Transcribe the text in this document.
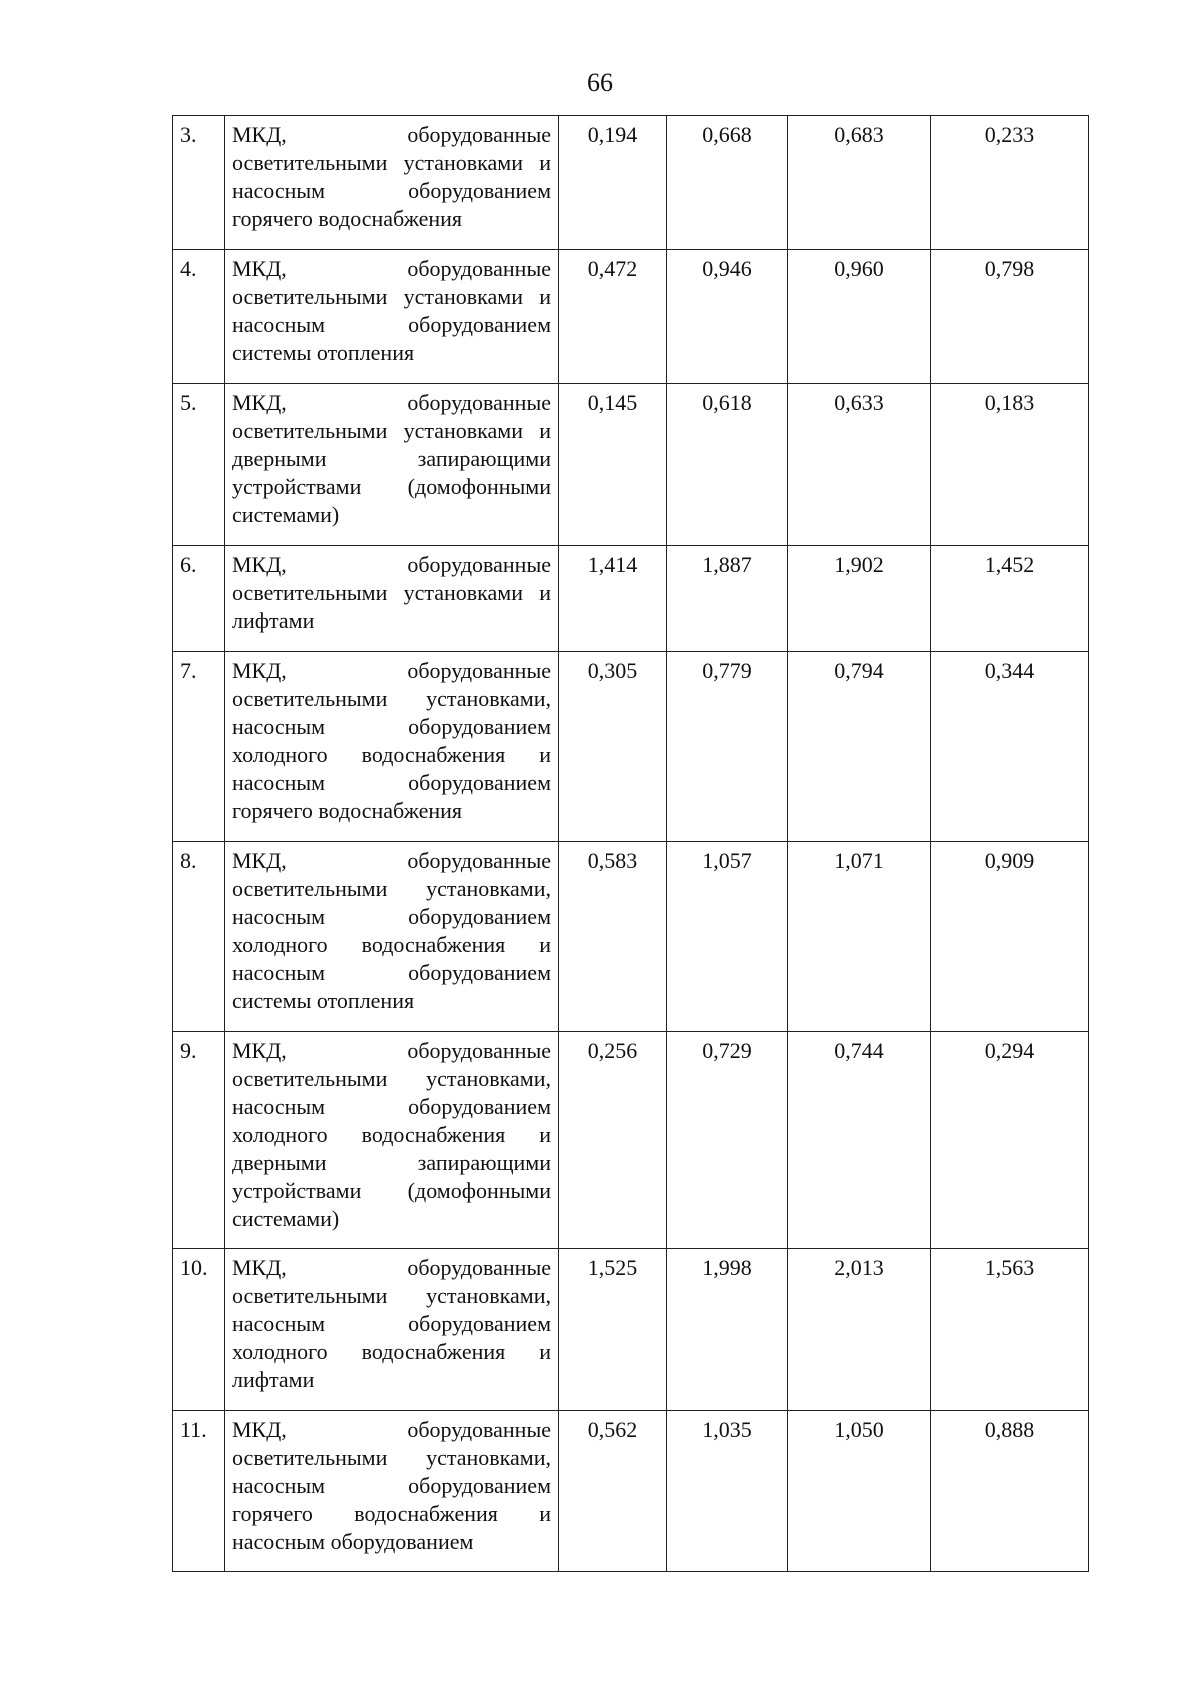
66
3.	МКД, оборудованные осветительными установками и насосным оборудованием горячего водоснабжения	0,194	0,668	0,683	0,233
4.	МКД, оборудованные осветительными установками и насосным оборудованием системы отопления	0,472	0,946	0,960	0,798
5.	МКД, оборудованные осветительными установками и дверными запирающими устройствами (домофонными системами)	0,145	0,618	0,633	0,183
6.	МКД, оборудованные осветительными установками и лифтами	1,414	1,887	1,902	1,452
7.	МКД, оборудованные осветительными установками, насосным оборудованием холодного водоснабжения и насосным оборудованием горячего водоснабжения	0,305	0,779	0,794	0,344
8.	МКД, оборудованные осветительными установками, насосным оборудованием холодного водоснабжения и насосным оборудованием системы отопления	0,583	1,057	1,071	0,909
9.	МКД, оборудованные осветительными установками, насосным оборудованием холодного водоснабжения и дверными запирающими устройствами (домофонными системами)	0,256	0,729	0,744	0,294
10.	МКД, оборудованные осветительными установками, насосным оборудованием холодного водоснабжения и лифтами	1,525	1,998	2,013	1,563
11.	МКД, оборудованные осветительными установками, насосным оборудованием горячего водоснабжения и насосным оборудованием	0,562	1,035	1,050	0,888
